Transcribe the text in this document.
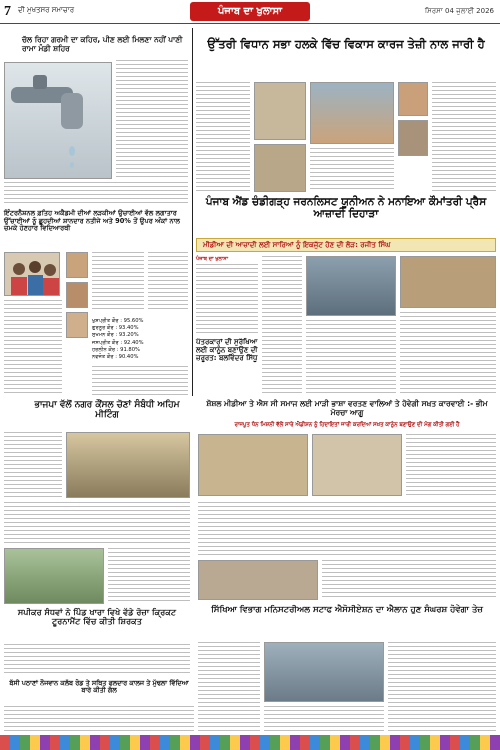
7 ਦੀ ਮੁਖਤਸਰ ਸਮਾਚਾਰ	ਪੰਜਾਬ ਦਾ ਖੁਲਾਸਾ	ਸਿਰਸਾ 04 ਜੁਲਾਈ 2026
ਚੱਲ ਰਿਹਾ ਗਰਮੀ ਦਾ ਕਹਿਰ, ਪੀਣ ਲਈ ਮਿਲਣਾ ਨਹੀਂ ਪਾਣੀ ਰਾਮਾ ਮੰਡੀ ਸ਼ਹਿਰ
ਇੰਟਰਨੈਸ਼ਨਲ ਫ਼ਤਿਹ ਅਕੈਡਮੀ ਦੀਆਂ ਲੜਕੀਆਂ ਉਚਾਈਆਂ ਵੱਲ ਲਗਾਤਾਰ ਉੱਚਾਈਆਂ ਨੂੰ ਛੂਹਦੀਆਂ ਸ਼ਾਨਦਾਰ ਨਤੀਜੇ ਅਤੇ 90% ਤੋਂ ਉਪਰ ਅੰਕਾਂ ਨਾਲ ਚਮਕੇ ਹੋਣਹਾਰ ਵਿਦਿਆਰਥੀ
ਖੁਸ਼ਪ੍ਰੀਤ ਕੌਰ : 95.60%
ਗੁਰਨੂਰ ਕੌਰ : 93.40%
ਸੁਖਮਨ ਕੌਰ : 93.20%
ਜਸਪ੍ਰੀਤ ਕੌਰ : 92.40%
ਹਰਲੀਨ ਕੌਰ : 91.80%
ਨਵਜੋਤ ਕੌਰ : 90.40%
ਉੱਤਰੀ ਵਿਧਾਨ ਸਭਾ ਹਲਕੇ ਵਿੱਚ ਵਿਕਾਸ ਕਾਰਜ ਤੇਜ਼ੀ ਨਾਲ ਜਾਰੀ ਹੈ
ਪੰਜਾਬ ਐਂਡ ਚੰਡੀਗੜ੍ਹ ਜਰਨਲਿਸਟ ਯੂਨੀਅਨ ਨੇ ਮਨਾਇਆ ਕੌਮਾਂਤਰੀ ਪ੍ਰੈਸ ਆਜ਼ਾਦੀ ਦਿਹਾੜਾ
ਮੀਡੀਆ ਦੀ ਆਜ਼ਾਦੀ ਲਈ ਸਾਰਿਆਂ ਨੂੰ ਇਕਜੁੱਟ ਹੋਣ ਦੀ ਲੋੜ: ਰਜੀਤ ਸਿੰਘ
ਪੰਜਾਬ ਦਾ ਖੁਲਾਸਾ
ਪੱਤਰਕਾਰਾਂ ਦੀ ਸੁਰੱਖਿਆ ਲਈ ਕਾਨੂੰਨ ਬਣਾਉਣ ਦੀ ਜ਼ਰੂਰਤ: ਬਲਵਿੰਦਰ ਸਿੱਧੂ
ਭਾਜਪਾ ਵੱਲੋਂ ਨਗਰ ਕੌਂਸਲ ਚੋਣਾਂ ਸੰਬੰਧੀ ਅਹਿਮ ਮੀਟਿੰਗ
ਸ਼ੋਸ਼ਲ ਮੀਡੀਆ ਤੇ ਐਸ ਸੀ ਸਮਾਜ ਲਈ ਮਾੜੀ ਭਾਸ਼ਾ ਵਰਤਣ ਵਾਲਿਆਂ ਤੇ ਹੋਵੇਗੀ ਸਖ਼ਤ ਕਾਰਵਾਈ :- ਭੀਮ ਮੋਰਚਾ ਆਗੂ
ਰਾਜਪੂਤ ਧੰਨ ਮਿਸ਼ਨੀ ਵੱਲੋਂ ਸਾਰੇ ਐਡੀਸ਼ਨ ਨੂੰ ਹਿਦਾਇਤਾਂ ਜਾਰੀ ਕਰਦਿਆਂ ਸਖ਼ਤ ਕਾਨੂੰਨ ਬਣਾਉਣ ਦੀ ਮੰਗ ਕੀਤੀ ਗਈ ਹੈ
ਸਪੀਕਰ ਸੰਧਵਾਂ ਨੇ ਪਿੰਡ ਖਾਰਾ ਵਿਖੇ ਵੱਡੇ ਰੋਜ਼ਾ ਕ੍ਰਿਕਟ ਟੂਰਨਾਮੈਂਟ ਵਿੱਚ ਕੀਤੀ ਸ਼ਿਰਕਤ
ਸਿੱਖਿਆ ਵਿਭਾਗ ਮਨਿਸਟਰੀਅਲ ਸਟਾਫ ਐਸੋਸੀਏਸ਼ਨ ਦਾ ਐਲਾਨ ਹੁਣ ਸੰਘਰਸ਼ ਹੋਵੇਗਾ ਤੇਜ਼
ਬੱਸੀ ਪਠਾਣਾਂ ਨੌਜਵਾਨ ਕਲੱਬ ਰੋਡ ਤੇ ਸਥਿਤ ਫਲਦਾਰ ਕਾਲਜ ਤੇ ਮੁੱਢਲਾ ਵਿੱਦਿਆ ਬਾਰੇ ਕੀਤੀ ਗੱਲ
